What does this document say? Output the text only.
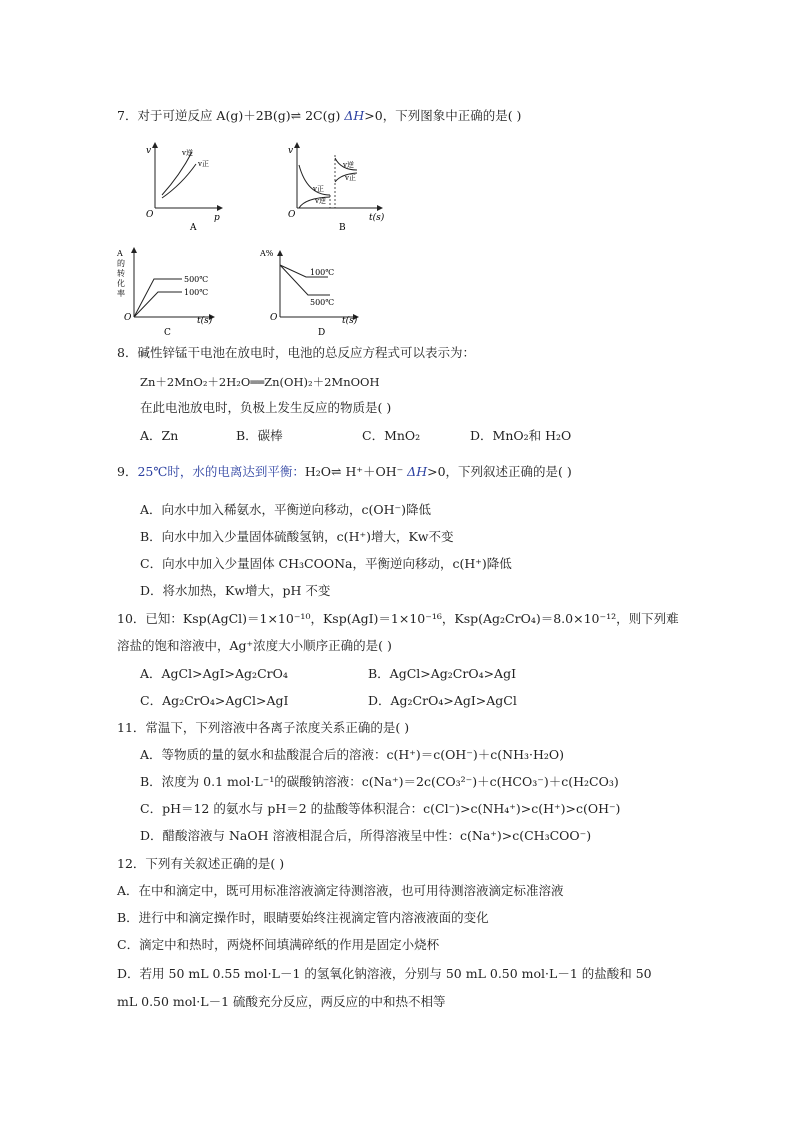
7．对于可逆反应 A(g)＋2B(g)⇌ 2C(g) ΔH>0，下列图象中正确的是( )
v
O	p
v逆
v正
A
v
O	t(s)
v逆
v正
v正
v逆
B
A
的
转
化
率
O	t(s)
500℃
100℃
C
A%
O	t(s)
100℃
500℃
D
8．碱性锌锰干电池在放电时，电池的总反应方程式可以表示为：
Zn＋2MnO₂＋2H₂O══Zn(OH)₂＋2MnOOH
在此电池放电时，负极上发生反应的物质是( )
A．Zn	B．碳棒	C．MnO₂	D．MnO₂和 H₂O
9．25℃时，水的电离达到平衡：H₂O⇌ H⁺＋OH⁻ ΔH>0，下列叙述正确的是( )
A．向水中加入稀氨水，平衡逆向移动，c(OH⁻)降低
B．向水中加入少量固体硫酸氢钠，c(H⁺)增大，Kw不变
C．向水中加入少量固体 CH₃COONa，平衡逆向移动，c(H⁺)降低
D．将水加热，Kw增大，pH 不变
10．已知：Ksp(AgCl)＝1×10⁻¹⁰，Ksp(AgI)＝1×10⁻¹⁶，Ksp(Ag₂CrO₄)＝8.0×10⁻¹²，则下列难
溶盐的饱和溶液中，Ag⁺浓度大小顺序正确的是( )
A．AgCl>AgI>Ag₂CrO₄	B．AgCl>Ag₂CrO₄>AgI
C．Ag₂CrO₄>AgCl>AgI	D．Ag₂CrO₄>AgI>AgCl
11．常温下，下列溶液中各离子浓度关系正确的是( )
A．等物质的量的氨水和盐酸混合后的溶液：c(H⁺)＝c(OH⁻)＋c(NH₃·H₂O)
B．浓度为 0.1 mol·L⁻¹的碳酸钠溶液：c(Na⁺)＝2c(CO₃²⁻)＋c(HCO₃⁻)＋c(H₂CO₃)
C．pH＝12 的氨水与 pH＝2 的盐酸等体积混合：c(Cl⁻)>c(NH₄⁺)>c(H⁺)>c(OH⁻)
D．醋酸溶液与 NaOH 溶液相混合后，所得溶液呈中性：c(Na⁺)>c(CH₃COO⁻)
12．下列有关叙述正确的是( )
A．在中和滴定中，既可用标准溶液滴定待测溶液，也可用待测溶液滴定标准溶液
B．进行中和滴定操作时，眼睛要始终注视滴定管内溶液液面的变化
C．滴定中和热时，两烧杯间填满碎纸的作用是固定小烧杯
D．若用 50 mL 0.55 mol·L－1 的氢氧化钠溶液，分别与 50 mL 0.50 mol·L－1 的盐酸和 50
mL 0.50 mol·L－1 硫酸充分反应，两反应的中和热不相等
